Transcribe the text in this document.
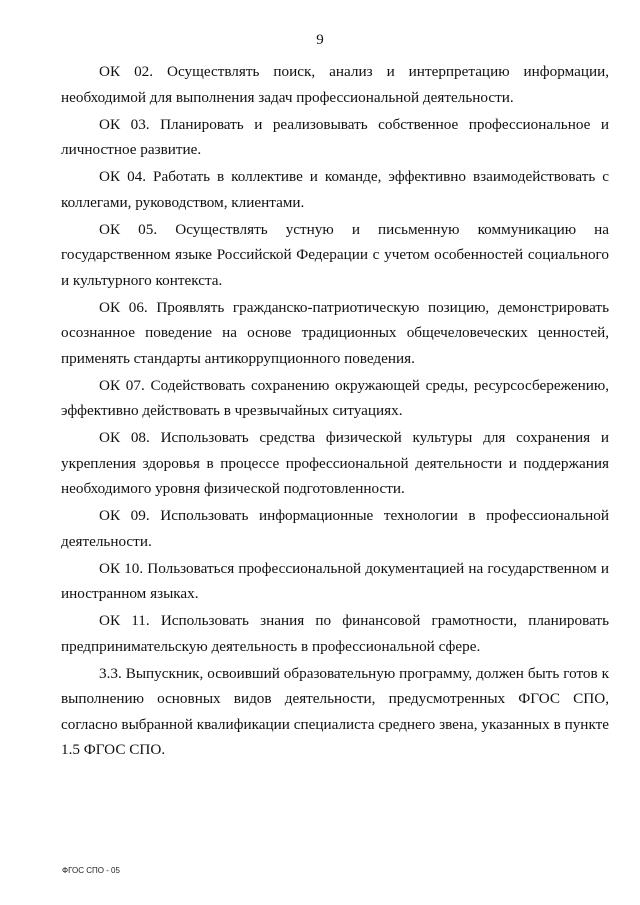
9

ОК 02. Осуществлять поиск, анализ и интерпретацию информации, необходимой для выполнения задач профессиональной деятельности.

ОК 03. Планировать и реализовывать собственное профессиональное и личностное развитие.

ОК 04. Работать в коллективе и команде, эффективно взаимодействовать с коллегами, руководством, клиентами.

ОК 05. Осуществлять устную и письменную коммуникацию на государственном языке Российской Федерации с учетом особенностей социального и культурного контекста.

ОК 06. Проявлять гражданско-патриотическую позицию, демонстрировать осознанное поведение на основе традиционных общечеловеческих ценностей, применять стандарты антикоррупционного поведения.

ОК 07. Содействовать сохранению окружающей среды, ресурсосбережению, эффективно действовать в чрезвычайных ситуациях.

ОК 08. Использовать средства физической культуры для сохранения и укрепления здоровья в процессе профессиональной деятельности и поддержания необходимого уровня физической подготовленности.

ОК 09. Использовать информационные технологии в профессиональной деятельности.

ОК 10. Пользоваться профессиональной документацией на государственном и иностранном языках.

ОК 11. Использовать знания по финансовой грамотности, планировать предпринимательскую деятельность в профессиональной сфере.

3.3. Выпускник, освоивший образовательную программу, должен быть готов к выполнению основных видов деятельности, предусмотренных ФГОС СПО, согласно выбранной квалификации специалиста среднего звена, указанных в пункте 1.5 ФГОС СПО.

ФГОС СПО - 05
